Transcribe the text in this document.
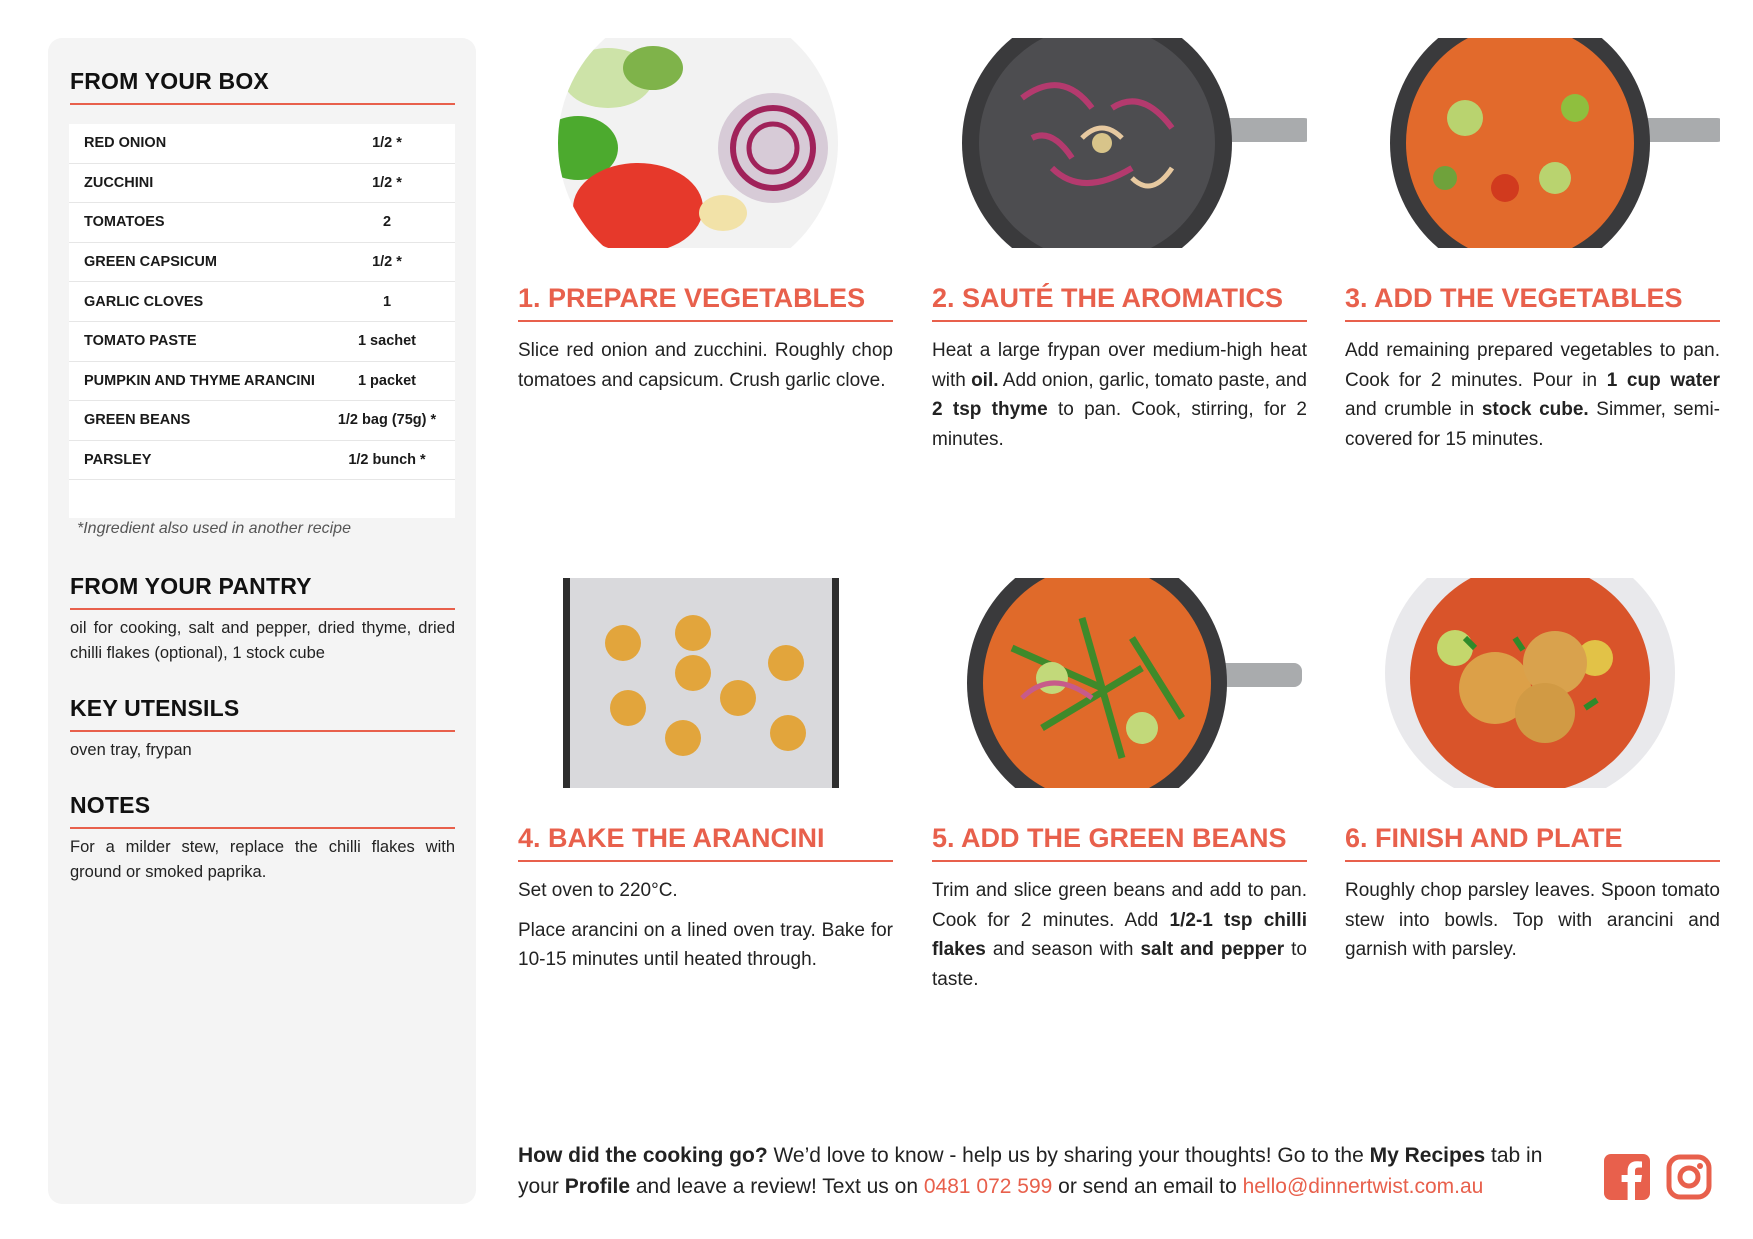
FROM YOUR BOX
RED ONION	1/2 *
ZUCCHINI	1/2 *
TOMATOES	2
GREEN CAPSICUM	1/2 *
GARLIC CLOVES	1
TOMATO PASTE	1 sachet
PUMPKIN AND THYME ARANCINI	1 packet
GREEN BEANS	1/2 bag (75g) *
PARSLEY	1/2 bunch *
*Ingredient also used in another recipe
FROM YOUR PANTRY
oil for cooking, salt and pepper, dried thyme, dried chilli flakes (optional), 1 stock cube
KEY UTENSILS
oven tray, frypan
NOTES
For a milder stew, replace the chilli flakes with ground or smoked paprika.
1. PREPARE VEGETABLES

Slice red onion and zucchini. Roughly chop tomatoes and capsicum. Crush garlic clove.

2. SAUTÉ THE AROMATICS

Heat a large frypan over medium-high heat with oil. Add onion, garlic, tomato paste, and 2 tsp thyme to pan. Cook, stirring, for 2 minutes.

3. ADD THE VEGETABLES

Add remaining prepared vegetables to pan. Cook for 2 minutes. Pour in 1 cup water and crumble in stock cube. Simmer, semi-covered for 15 minutes.

4. BAKE THE ARANCINI

Set oven to 220°C.

Place arancini on a lined oven tray. Bake for 10-15 minutes until heated through.

5. ADD THE GREEN BEANS

Trim and slice green beans and add to pan. Cook for 2 minutes. Add 1/2-1 tsp chilli flakes and season with salt and pepper to taste.

6. FINISH AND PLATE

Roughly chop parsley leaves. Spoon tomato stew into bowls. Top with arancini and garnish with parsley.

How did the cooking go? We’d love to know - help us by sharing your thoughts! Go to the My Recipes tab in your Profile and leave a review! Text us on 0481 072 599 or send an email to hello@dinnertwist.com.au
